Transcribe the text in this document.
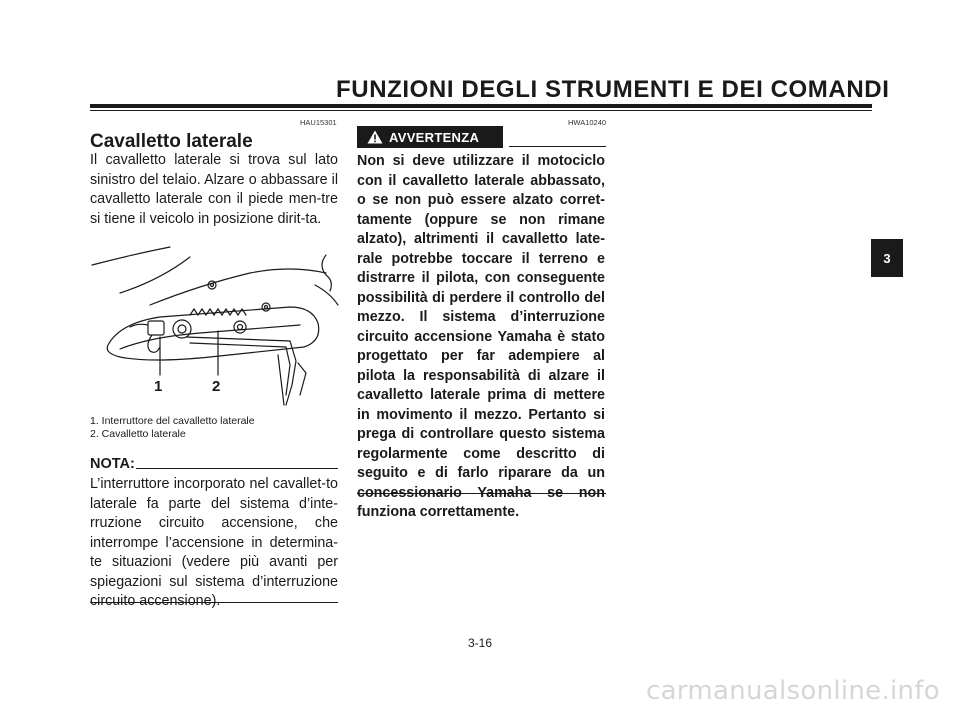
FUNZIONI DEGLI STRUMENTI E DEI COMANDI
HAU15301
Cavalletto laterale
Il cavalletto laterale si trova sul lato sinistro del telaio. Alzare o abbassare il cavalletto laterale con il piede men-tre si tiene il veicolo in posizione dirit-ta.
1	2
1. Interruttore del cavalletto laterale
2. Cavalletto laterale
NOTA:
L’interruttore incorporato nel cavallet-to laterale fa parte del sistema d’inte-rruzione circuito accensione, che interrompe l’accensione in determina-te situazioni (vedere più avanti per spiegazioni sul sistema d’interruzione circuito accensione).
HWA10240
AVVERTENZA
Non si deve utilizzare il motociclo con il cavalletto laterale abbassato, o se non può essere alzato corret-tamente (oppure se non rimane alzato), altrimenti il cavalletto late-rale potrebbe toccare il terreno e distrarre il pilota, con conseguente possibilità di perdere il controllo del mezzo. Il sistema d’interruzione circuito accensione Yamaha è stato progettato per far adempiere al pilota la responsabilità di alzare il cavalletto laterale prima di mettere in movimento il mezzo. Pertanto si prega di controllare questo sistema regolarmente come descritto di seguito e di farlo riparare da un concessionario Yamaha se non funziona correttamente.
3
3-16
carmanualsonline.info
